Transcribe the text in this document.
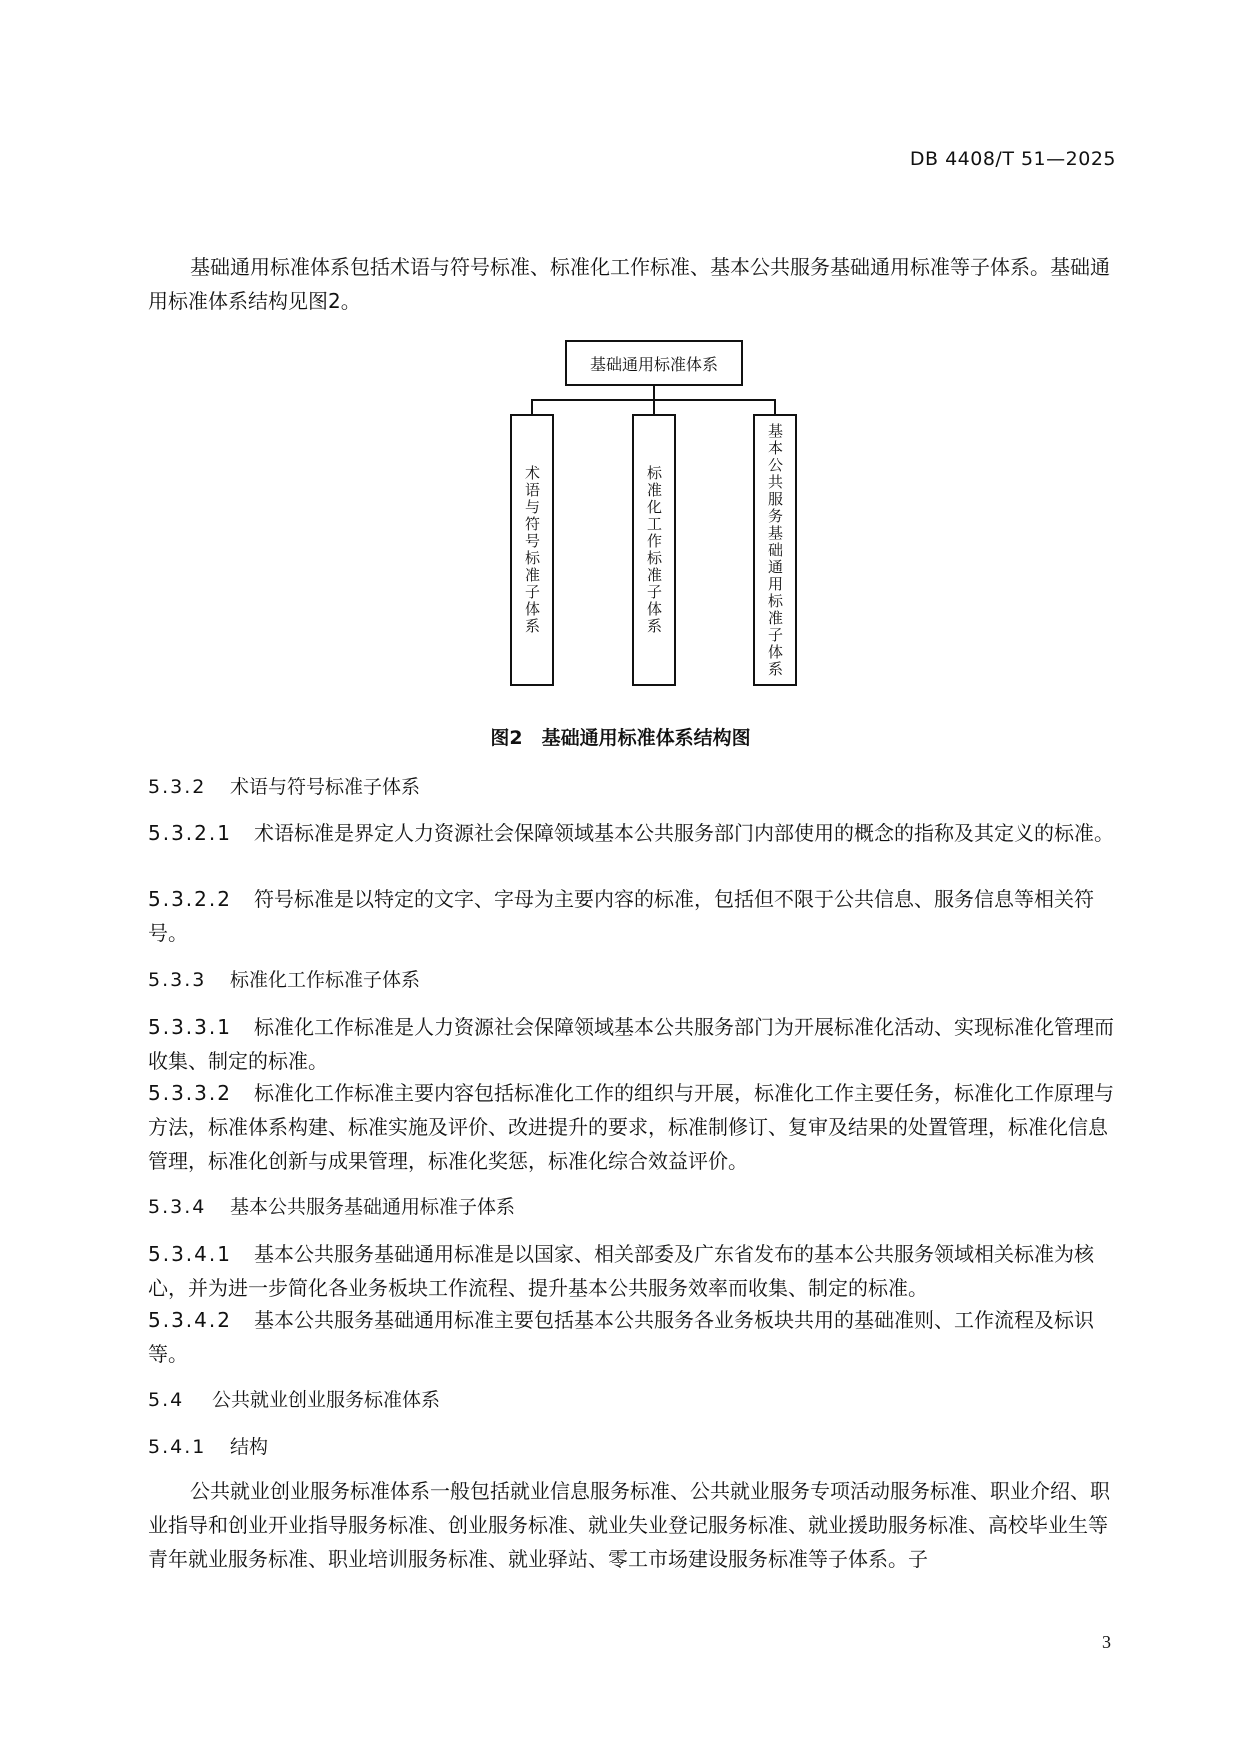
DB 4408/T 51—2025
基础通用标准体系包括术语与符号标准、标准化工作标准、基本公共服务基础通用标准等子体系。基础通用标准体系结构见图2。
基础通用标准体系
术语与符号标准子体系	标准化工作标准子体系	基本公共服务基础通用标准子体系
图2　基础通用标准体系结构图
5.3.2 术语与符号标准子体系
5.3.2.1 术语标准是界定人力资源社会保障领域基本公共服务部门内部使用的概念的指称及其定义的标准。
5.3.2.2 符号标准是以特定的文字、字母为主要内容的标准，包括但不限于公共信息、服务信息等相关符号。
5.3.3 标准化工作标准子体系
5.3.3.1 标准化工作标准是人力资源社会保障领域基本公共服务部门为开展标准化活动、实现标准化管理而收集、制定的标准。
5.3.3.2 标准化工作标准主要内容包括标准化工作的组织与开展，标准化工作主要任务，标准化工作原理与方法，标准体系构建、标准实施及评价、改进提升的要求，标准制修订、复审及结果的处置管理，标准化信息管理，标准化创新与成果管理，标准化奖惩，标准化综合效益评价。
5.3.4 基本公共服务基础通用标准子体系
5.3.4.1 基本公共服务基础通用标准是以国家、相关部委及广东省发布的基本公共服务领域相关标准为核心，并为进一步简化各业务板块工作流程、提升基本公共服务效率而收集、制定的标准。
5.3.4.2 基本公共服务基础通用标准主要包括基本公共服务各业务板块共用的基础准则、工作流程及标识等。
5.4 公共就业创业服务标准体系
5.4.1 结构
公共就业创业服务标准体系一般包括就业信息服务标准、公共就业服务专项活动服务标准、职业介绍、职业指导和创业开业指导服务标准、创业服务标准、就业失业登记服务标准、就业援助服务标准、高校毕业生等青年就业服务标准、职业培训服务标准、就业驿站、零工市场建设服务标准等子体系。子
3
